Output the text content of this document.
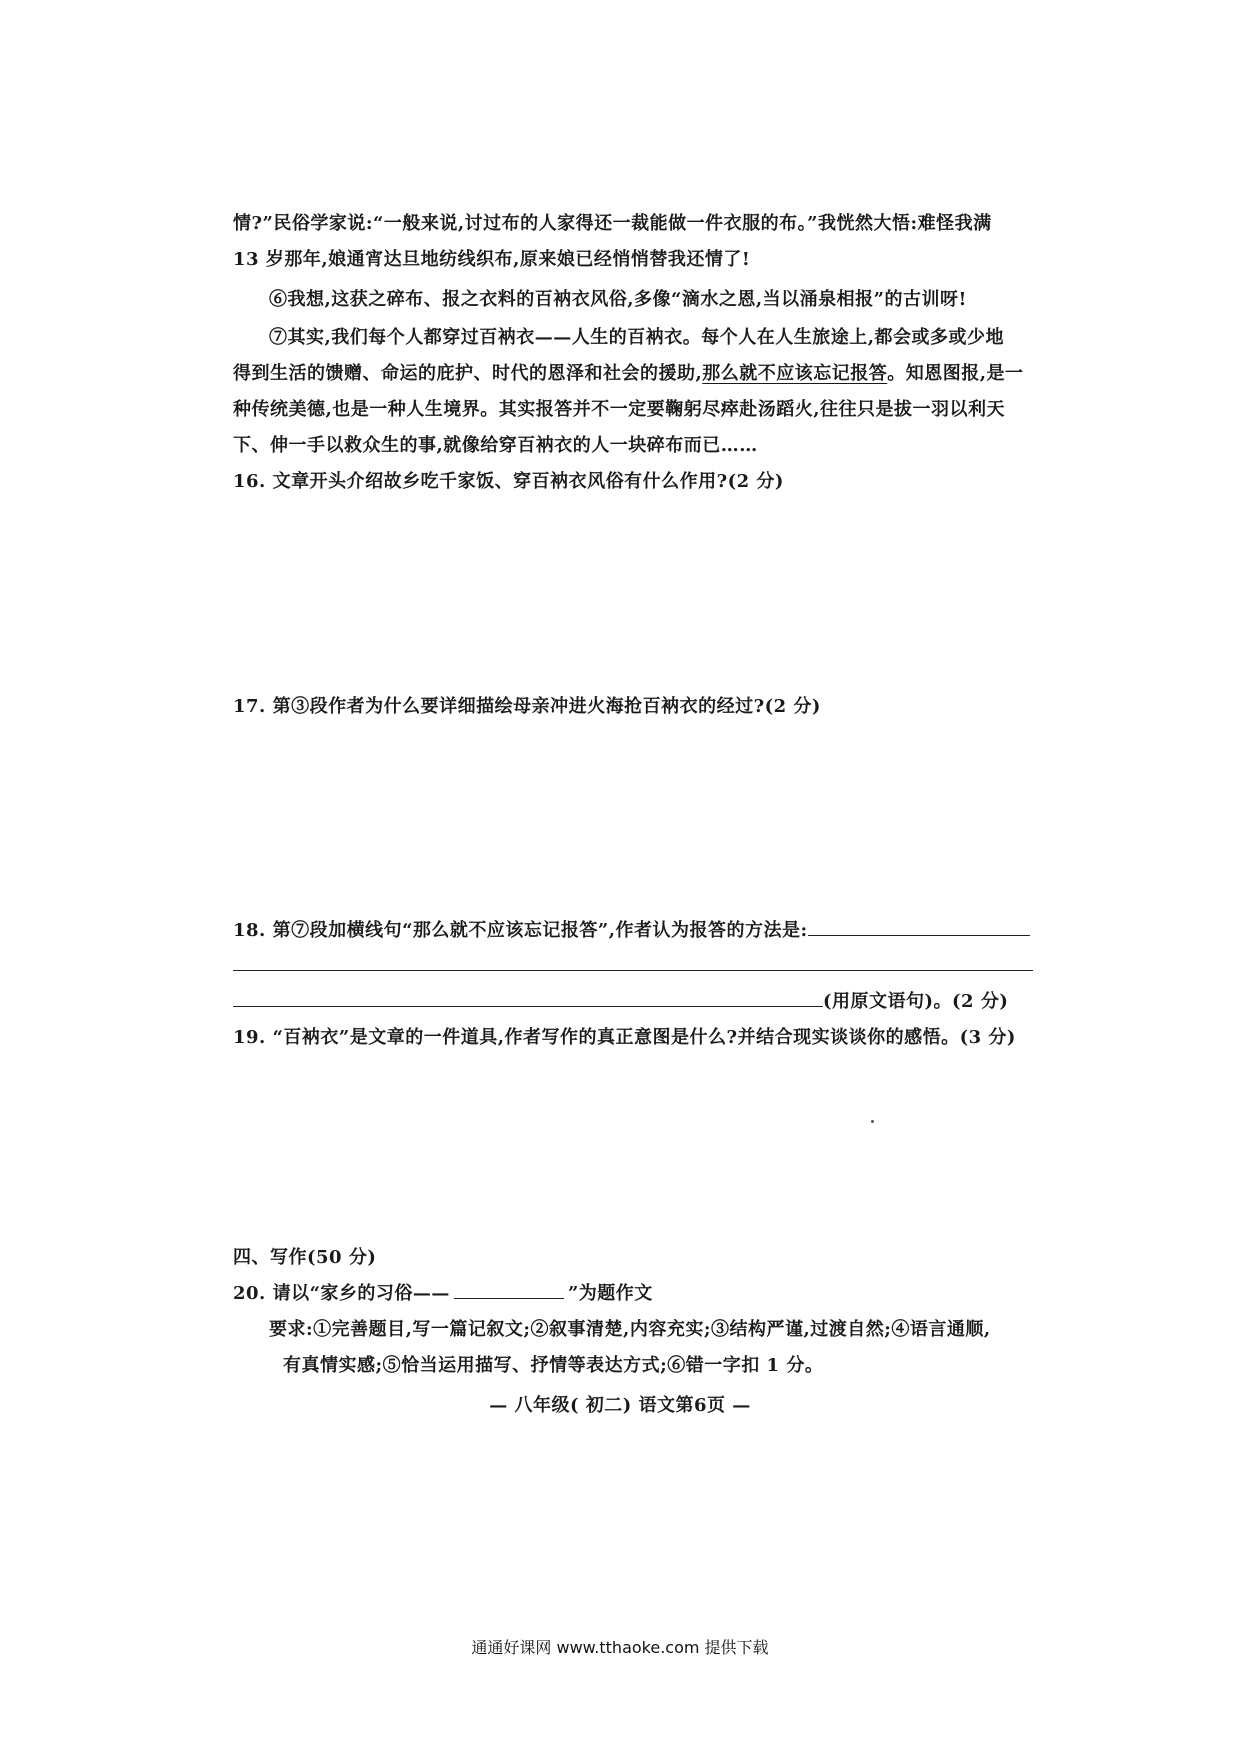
情?”民俗学家说:“一般来说,讨过布的人家得还一裁能做一件衣服的布。”我恍然大悟:难怪我满
13 岁那年,娘通宵达旦地纺线织布,原来娘已经悄悄替我还情了!
⑥我想,这获之碎布、报之衣料的百衲衣风俗,多像“滴水之恩,当以涌泉相报”的古训呀!
⑦其实,我们每个人都穿过百衲衣——人生的百衲衣。每个人在人生旅途上,都会或多或少地
得到生活的馈赠、命运的庇护、时代的恩泽和社会的援助,那么就不应该忘记报答。知恩图报,是一
种传统美德,也是一种人生境界。其实报答并不一定要鞠躬尽瘁赴汤蹈火,往往只是拔一羽以利天
下、伸一手以救众生的事,就像给穿百衲衣的人一块碎布而已……
16. 文章开头介绍故乡吃千家饭、穿百衲衣风俗有什么作用?(2 分)
17. 第③段作者为什么要详细描绘母亲冲进火海抢百衲衣的经过?(2 分)
18. 第⑦段加横线句“那么就不应该忘记报答”,作者认为报答的方法是:
(用原文语句)。(2 分)
19. “百衲衣”是文章的一件道具,作者写作的真正意图是什么?并结合现实谈谈你的感悟。(3 分)
四、写作(50 分)
20. 请以“家乡的习俗——	”为题作文
要求:①完善题目,写一篇记叙文;②叙事清楚,内容充实;③结构严谨,过渡自然;④语言通顺,
有真情实感;⑤恰当运用描写、抒情等表达方式;⑥错一字扣 1 分。
— 八年级( 初二) 语文第6页 —
通通好课网 www.tthaoke.com 提供下载
